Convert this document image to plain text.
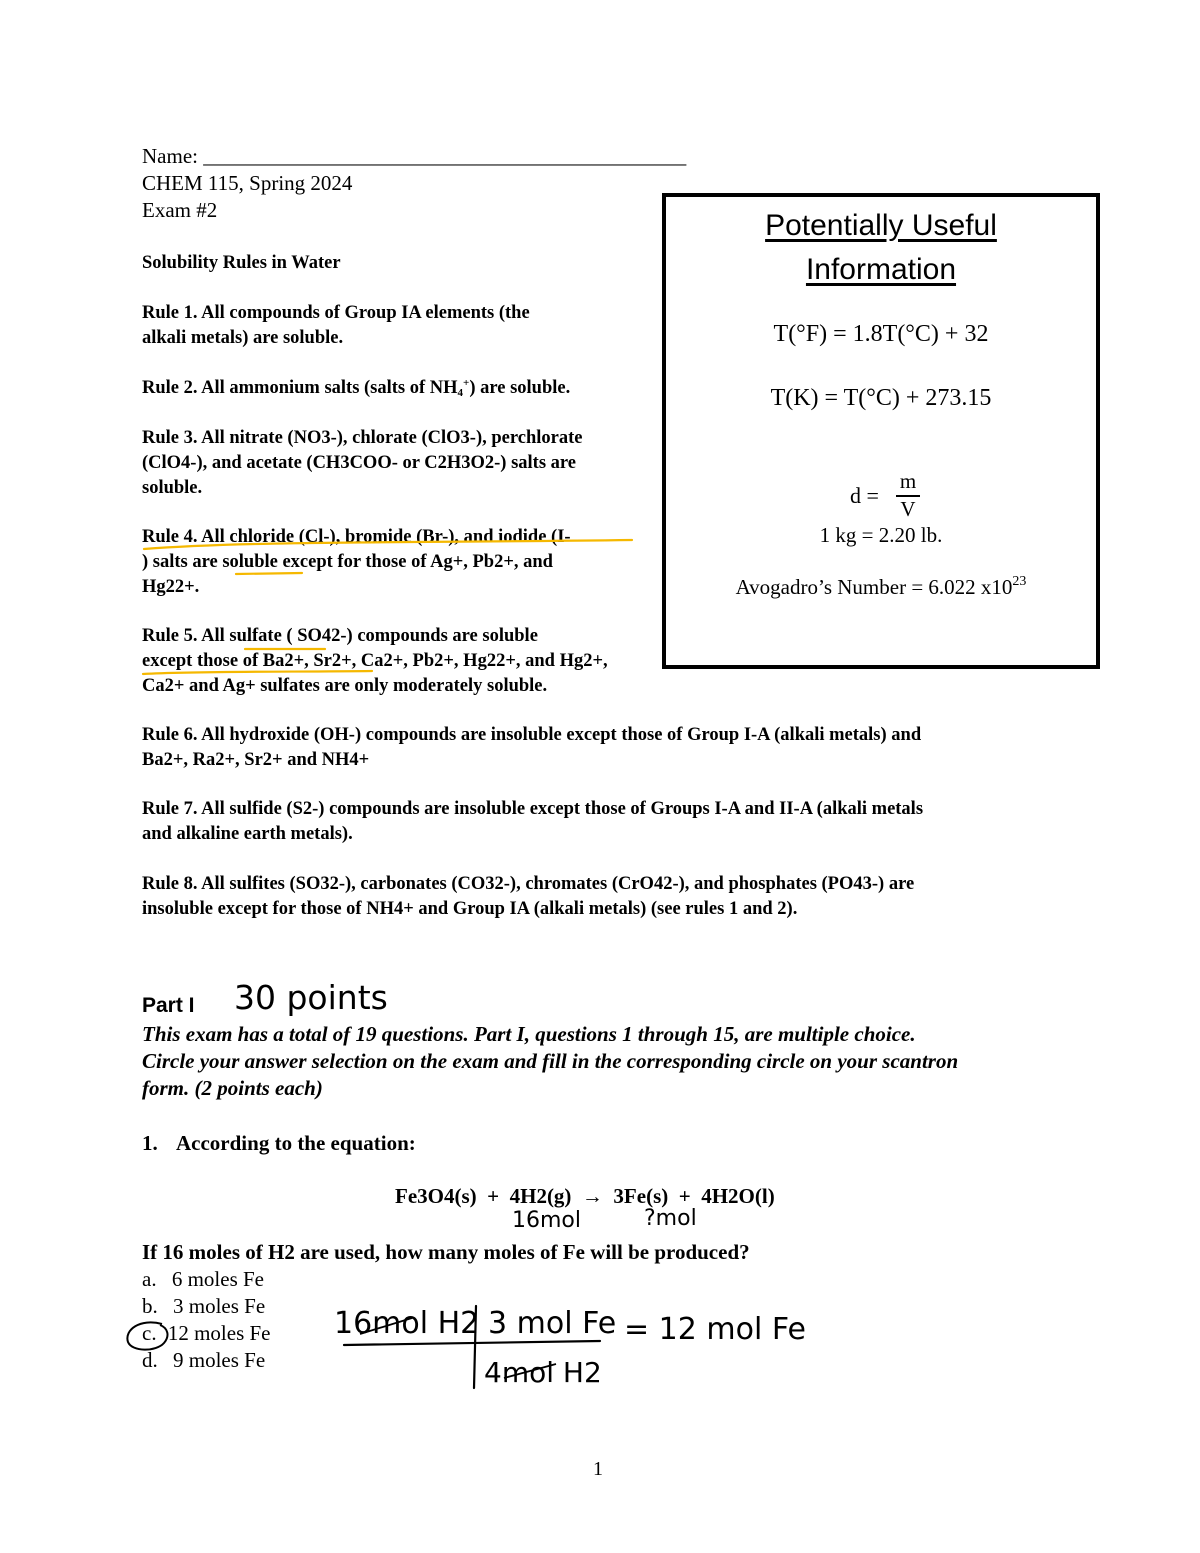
Name: ______________________________________________
CHEM 115, Spring 2024
Exam #2
Solubility Rules in Water
Rule 1. All compounds of Group IA elements (the
alkali metals) are soluble.
Rule 2. All ammonium salts (salts of $NH_4^+$) are soluble.
Rule 3. All nitrate (NO3-), chlorate (ClO3-), perchlorate
(ClO4-), and acetate (CH3COO- or C2H3O2-) salts are
soluble.
Rule 4. All chloride (Cl-), bromide (Br-), and iodide (I-
) salts are soluble except for those of Ag+, Pb2+, and
Hg22+.
Rule 5. All sulfate ( SO42-) compounds are soluble
except those of Ba2+, Sr2+, Ca2+, Pb2+, Hg22+, and Hg2+,
Ca2+ and Ag+ sulfates are only moderately soluble.
Rule 6. All hydroxide (OH-) compounds are insoluble except those of Group I-A (alkali metals) and
Ba2+, Ra2+, Sr2+ and NH4+
Rule 7. All sulfide (S2-) compounds are insoluble except those of Groups I-A and II-A (alkali metals
and alkaline earth metals).
Rule 8. All sulfites (SO32-), carbonates (CO32-), chromates (CrO42-), and phosphates (PO43-) are
insoluble except for those of NH4+ and Group IA (alkali metals) (see rules 1 and 2).
Potentially Useful
Information
T(°F) = 1.8T(°C) + 32
T(K) = T(°C) + 273.15
d =
m
V
1 kg = 2.20 lb.
Avogadro’s Number = 6.022 $x10^{23}$
Part I 30 points
This exam has a total of 19 questions. Part I, questions 1 through 15, are multiple choice.
Circle your answer selection on the exam and fill in the corresponding circle on your scantron
form. (2 points each)
1. According to the equation:
Fe3O4(s)  +  4H2(g)  →  3Fe(s)  +  4H2O(l)
16mol	?mol
If 16 moles of H2 are used, how many moles of Fe will be produced?
a. 6 moles Fe
b. 3 moles Fe
c. 12 moles Fe
d. 9 moles Fe
16mol H2 3 mol Fe
4mol H2
= 12 mol Fe
1
